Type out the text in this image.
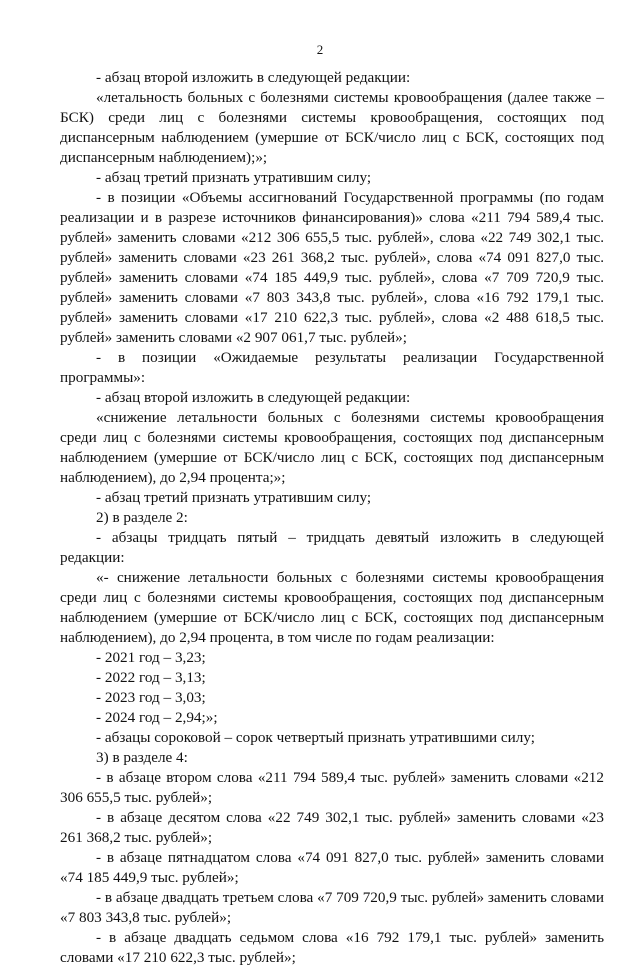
2

- абзац второй изложить в следующей редакции:

«летальность больных с болезнями системы кровообращения (далее также – БСК) среди лиц с болезнями системы кровообращения, состоящих под диспансерным наблюдением (умершие от БСК/число лиц с БСК, состоящих под диспансерным наблюдением);»;

- абзац третий признать утратившим силу;

- в позиции «Объемы ассигнований Государственной программы (по годам реализации и в разрезе источников финансирования)» слова «211 794 589,4 тыс. рублей» заменить словами «212 306 655,5 тыс. рублей», слова «22 749 302,1 тыс. рублей» заменить словами «23 261 368,2 тыс. рублей», слова «74 091 827,0 тыс. рублей» заменить словами «74 185 449,9 тыс. рублей», слова «7 709 720,9 тыс. рублей» заменить словами «7 803 343,8 тыс. рублей», слова «16 792 179,1 тыс. рублей» заменить словами «17 210 622,3 тыс. рублей», слова «2 488 618,5 тыс. рублей» заменить словами «2 907 061,7 тыс. рублей»;

- в позиции «Ожидаемые результаты реализации Государственной программы»:

- абзац второй изложить в следующей редакции:

«снижение летальности больных с болезнями системы кровообращения среди лиц с болезнями системы кровообращения, состоящих под диспансерным наблюдением (умершие от БСК/число лиц с БСК, состоящих под диспансерным наблюдением), до 2,94 процента;»;

- абзац третий признать утратившим силу;

2) в разделе 2:

- абзацы тридцать пятый – тридцать девятый изложить в следующей редакции:

«- снижение летальности больных с болезнями системы кровообращения среди лиц с болезнями системы кровообращения, состоящих под диспансерным наблюдением (умершие от БСК/число лиц с БСК, состоящих под диспансерным наблюдением), до 2,94 процента, в том числе по годам реализации:

- 2021 год – 3,23;

- 2022 год – 3,13;

- 2023 год – 3,03;

- 2024 год – 2,94;»;

- абзацы сороковой – сорок четвертый признать утратившими силу;

3) в разделе 4:

- в абзаце втором слова «211 794 589,4 тыс. рублей» заменить словами «212 306 655,5 тыс. рублей»;

- в абзаце десятом слова «22 749 302,1 тыс. рублей» заменить словами «23 261 368,2 тыс. рублей»;

- в абзаце пятнадцатом слова «74 091 827,0 тыс. рублей» заменить словами «74 185 449,9 тыс. рублей»;

- в абзаце двадцать третьем слова «7 709 720,9 тыс. рублей» заменить словами «7 803 343,8 тыс. рублей»;

- в абзаце двадцать седьмом слова «16 792 179,1 тыс. рублей» заменить словами «17 210 622,3 тыс. рублей»;
